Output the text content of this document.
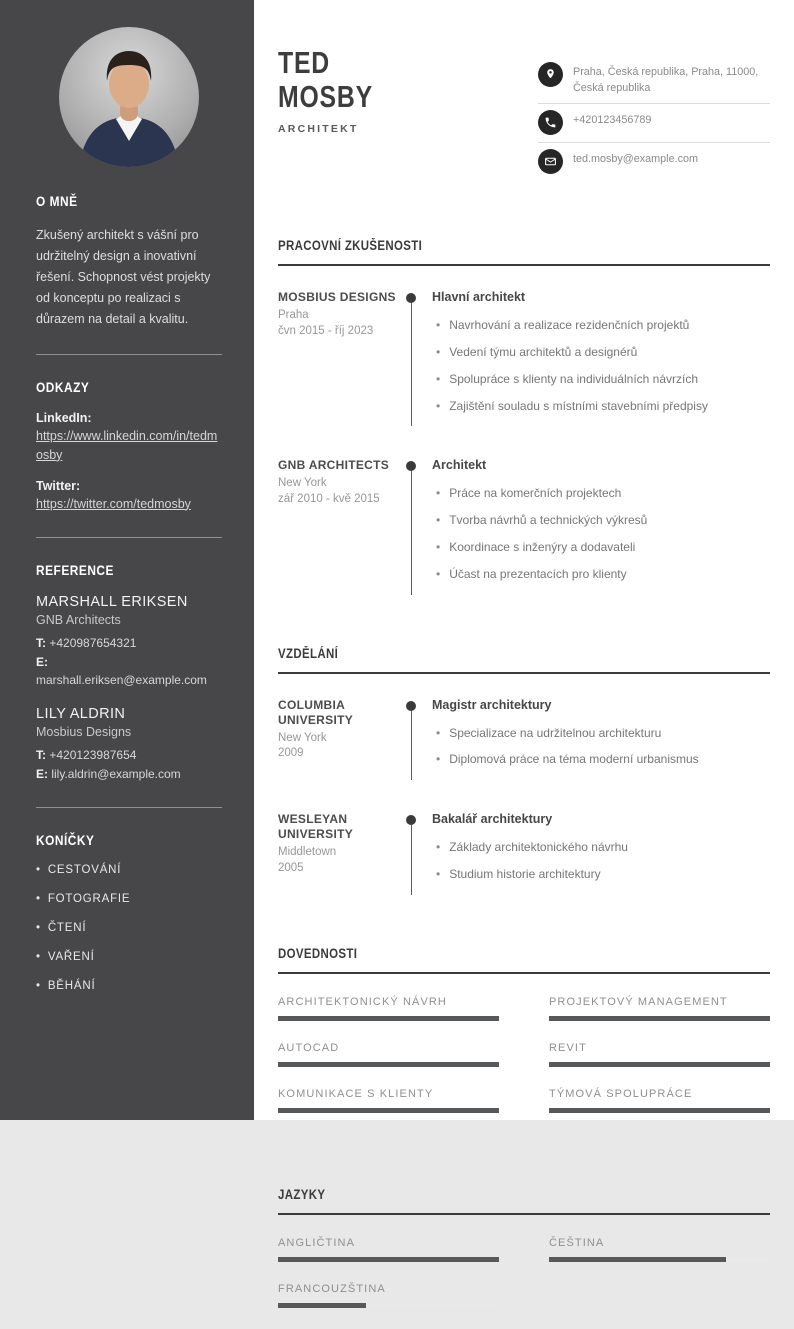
O MNĚ

Zkušený architekt s vášní pro udržitelný design a inovativní řešení. Schopnost vést projekty od konceptu po realizaci s důrazem na detail a kvalitu.

ODKAZY
LinkedIn:
https://www.linkedin.com/in/tedmosby
Twitter:
https://twitter.com/tedmosby
REFERENCE
MARSHALL ERIKSEN
GNB Architects
T: +420987654321
E: marshall.eriksen@example.com
LILY ALDRIN
Mosbius Designs
T: +420123987654
E: lily.aldrin@example.com
KONÍČKY
• CESTOVÁNÍ
• FOTOGRAFIE
• ČTENÍ
• VAŘENÍ
• BĚHÁNÍ
TED
MOSBY
ARCHITEKT
Praha, Česká republika, Praha, 11000, Česká republika
+420123456789
ted.mosby@example.com
PRACOVNÍ ZKUŠENOSTI
MOSBIUS DESIGNS
Praha
čvn 2015 - říj 2023
Hlavní architekt
• Navrhování a realizace rezidenčních projektů
• Vedení týmu architektů a designérů
• Spolupráce s klienty na individuálních návrzích
• Zajištění souladu s místními stavebními předpisy
GNB ARCHITECTS
New York
zář 2010 - kvě 2015
Architekt
• Práce na komerčních projektech
• Tvorba návrhů a technických výkresů
• Koordinace s inženýry a dodavateli
• Účast na prezentacích pro klienty
VZDĚLÁNÍ
COLUMBIA UNIVERSITY
New York
2009
Magistr architektury
• Specializace na udržitelnou architekturu
• Diplomová práce na téma moderní urbanismus
WESLEYAN UNIVERSITY
Middletown
2005
Bakalář architektury
• Základy architektonického návrhu
• Studium historie architektury
DOVEDNOSTI
ARCHITEKTONICKÝ NÁVRH	PROJEKTOVÝ MANAGEMENT
AUTOCAD	REVIT
KOMUNIKACE S KLIENTY	TÝMOVÁ SPOLUPRÁCE
JAZYKY
ANGLIČTINA	ČEŠTINA
FRANCOUZŠTINA
